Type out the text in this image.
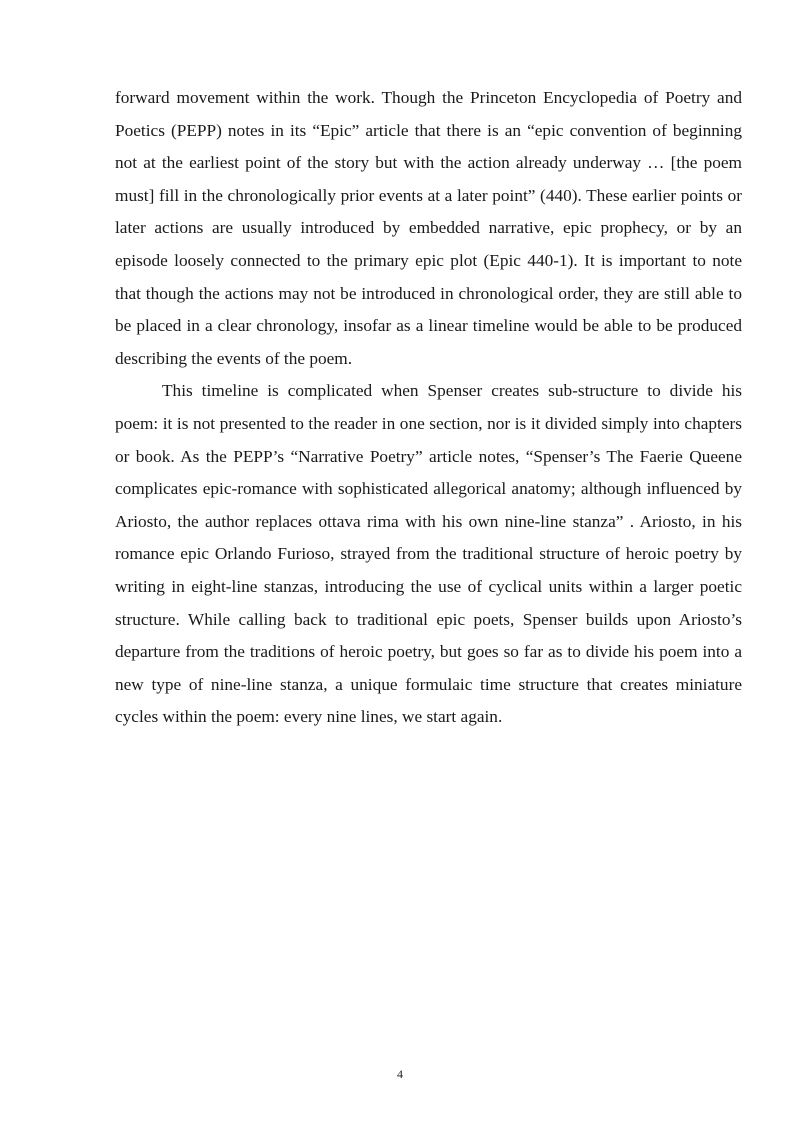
forward movement within the work. Though the Princeton Encyclopedia of Poetry and Poetics (PEPP) notes in its “Epic” article that there is an “epic convention of beginning not at the earliest point of the story but with the action already underway … [the poem must] fill in the chronologically prior events at a later point” (440). These earlier points or later actions are usually introduced by embedded narrative, epic prophecy, or by an episode loosely connected to the primary epic plot (Epic 440-1). It is important to note that though the actions may not be introduced in chronological order, they are still able to be placed in a clear chronology, insofar as a linear timeline would be able to be produced describing the events of the poem.

This timeline is complicated when Spenser creates sub-structure to divide his poem: it is not presented to the reader in one section, nor is it divided simply into chapters or book. As the PEPP’s “Narrative Poetry” article notes, “Spenser’s The Faerie Queene complicates epic-romance with sophisticated allegorical anatomy; although influenced by Ariosto, the author replaces ottava rima with his own nine-line stanza” . Ariosto, in his romance epic Orlando Furioso, strayed from the traditional structure of heroic poetry by writing in eight-line stanzas, introducing the use of cyclical units within a larger poetic structure. While calling back to traditional epic poets, Spenser builds upon Ariosto’s departure from the traditions of heroic poetry, but goes so far as to divide his poem into a new type of nine-line stanza, a unique formulaic time structure that creates miniature cycles within the poem: every nine lines, we start again.

4
